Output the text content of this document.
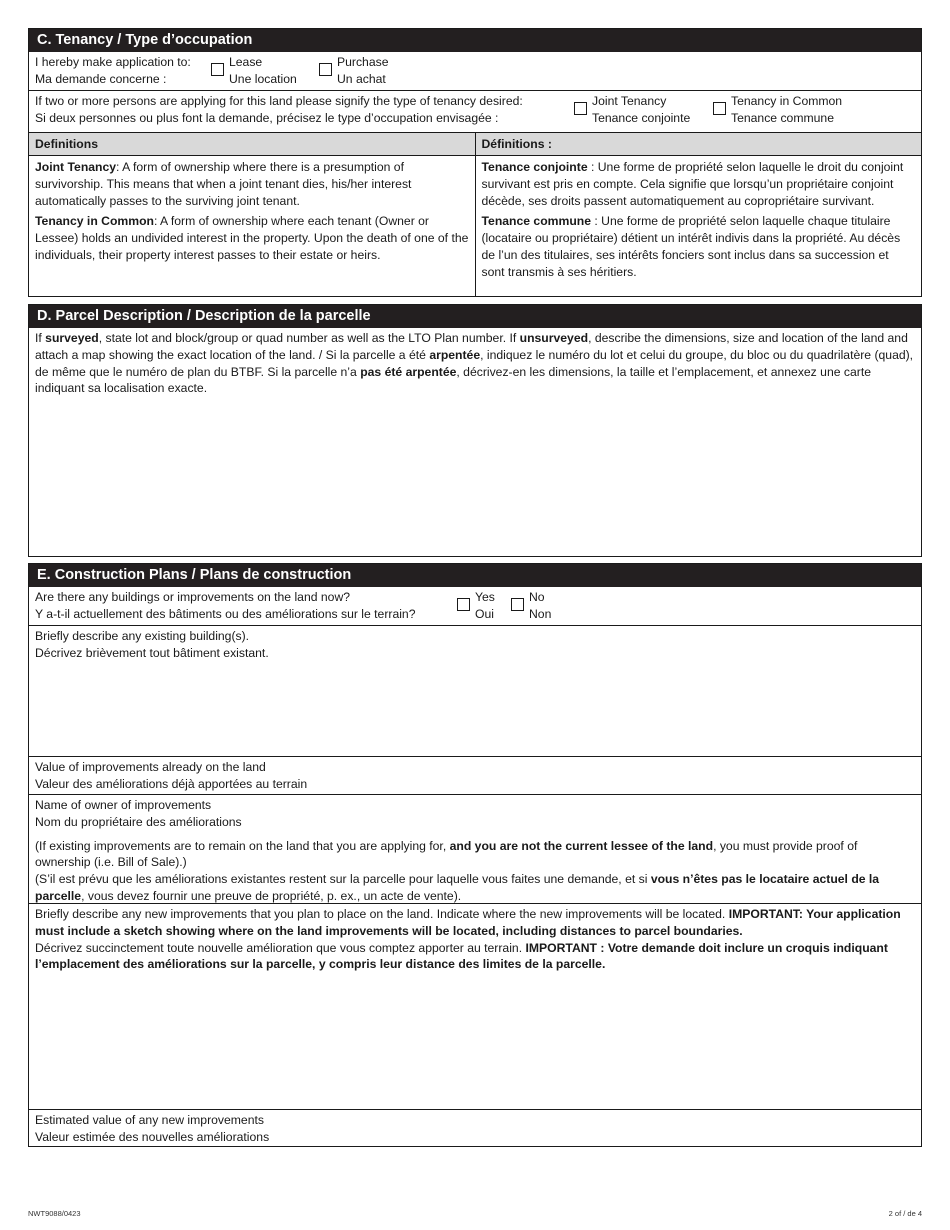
C. Tenancy / Type d’occupation
I hereby make application to:
Ma demande concerne :
Lease
Une location
Purchase
Un achat
If two or more persons are applying for this land please signify the type of tenancy desired:
Si deux personnes ou plus font la demande, précisez le type d’occupation envisagée :
Joint Tenancy
Tenance conjointe
Tenancy in Common
Tenance commune
Definitions

Joint Tenancy: A form of ownership where there is a presumption of survivorship. This means that when a joint tenant dies, his/her interest automatically passes to the surviving joint tenant.

Tenancy in Common: A form of ownership where each tenant (Owner or Lessee) holds an undivided interest in the property. Upon the death of one of the individuals, their property interest passes to their estate or heirs.

Définitions :

Tenance conjointe : Une forme de propriété selon laquelle le droit du conjoint survivant est pris en compte. Cela signifie que lorsqu’un propriétaire conjoint décède, ses droits passent automatiquement au copropriétaire survivant.

Tenance commune : Une forme de propriété selon laquelle chaque titulaire (locataire ou propriétaire) détient un intérêt indivis dans la propriété. Au décès de l’un des titulaires, ses intérêts fonciers sont inclus dans sa succession et sont transmis à ses héritiers.

D. Parcel Description / Description de la parcelle
If surveyed, state lot and block/group or quad number as well as the LTO Plan number. If unsurveyed, describe the dimensions, size and location of the land and attach a map showing the exact location of the land. / Si la parcelle a été arpentée, indiquez le numéro du lot et celui du groupe, du bloc ou du quadrilatère (quad), de même que le numéro de plan du BTBF. Si la parcelle n’a pas été arpentée, décrivez-en les dimensions, la taille et l’emplacement, et annexez une carte indiquant sa localisation exacte.
E. Construction Plans / Plans de construction
Are there any buildings or improvements on the land now?
Y a-t-il actuellement des bâtiments ou des améliorations sur le terrain?
Yes
Oui
No
Non
Briefly describe any existing building(s).
Décrivez brièvement tout bâtiment existant.
Value of improvements already on the land
Valeur des améliorations déjà apportées au terrain
Name of owner of improvements
Nom du propriétaire des améliorations
(If existing improvements are to remain on the land that you are applying for, and you are not the current lessee of the land, you must provide proof of ownership (i.e. Bill of Sale).)
(S’il est prévu que les améliorations existantes restent sur la parcelle pour laquelle vous faites une demande, et si vous n’êtes pas le locataire actuel de la parcelle, vous devez fournir une preuve de propriété, p. ex., un acte de vente).
Briefly describe any new improvements that you plan to place on the land. Indicate where the new improvements will be located. IMPORTANT: Your application must include a sketch showing where on the land improvements will be located, including distances to parcel boundaries.
Décrivez succinctement toute nouvelle amélioration que vous comptez apporter au terrain. IMPORTANT : Votre demande doit inclure un croquis indiquant l’emplacement des améliorations sur la parcelle, y compris leur distance des limites de la parcelle.
Estimated value of any new improvements
Valeur estimée des nouvelles améliorations
NWT9088/0423	2 of / de 4
